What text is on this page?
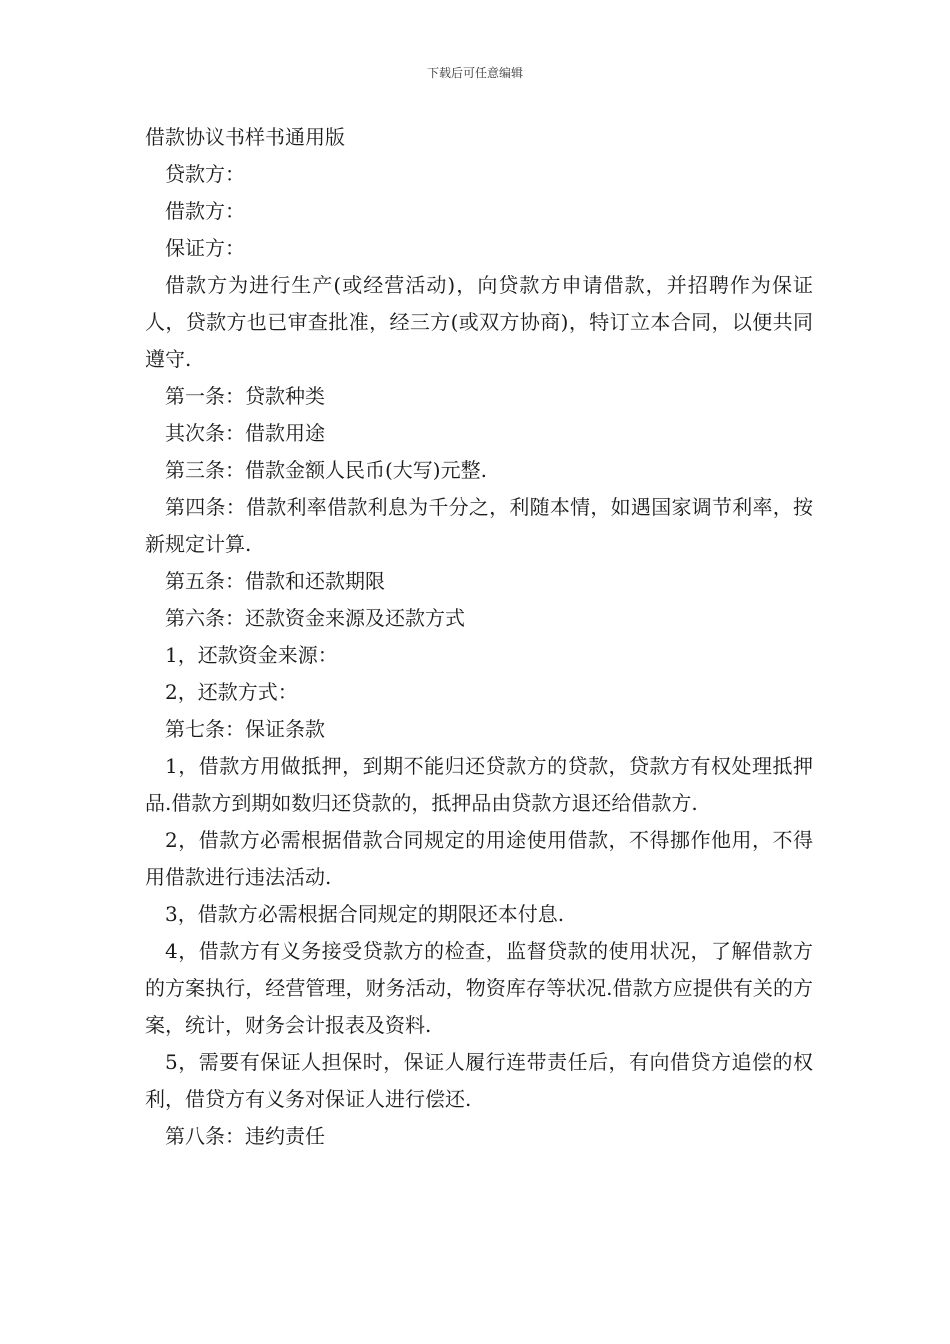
下载后可任意编辑
借款协议书样书通用版
贷款方：
借款方：
保证方：
借款方为进行生产(或经营活动)，向贷款方申请借款，并招聘作为保证人，贷款方也已审查批准，经三方(或双方协商)，特订立本合同，以便共同遵守.
第一条：贷款种类
其次条：借款用途
第三条：借款金额人民币(大写)元整.
第四条：借款利率借款利息为千分之，利随本情，如遇国家调节利率，按新规定计算.
第五条：借款和还款期限
第六条：还款资金来源及还款方式
1，还款资金来源：
2，还款方式：
第七条：保证条款
1，借款方用做抵押，到期不能归还贷款方的贷款，贷款方有权处理抵押品.借款方到期如数归还贷款的，抵押品由贷款方退还给借款方.
2，借款方必需根据借款合同规定的用途使用借款，不得挪作他用，不得用借款进行违法活动.
3，借款方必需根据合同规定的期限还本付息.
4，借款方有义务接受贷款方的检查，监督贷款的使用状况，了解借款方的方案执行，经营管理，财务活动，物资库存等状况.借款方应提供有关的方案，统计，财务会计报表及资料.
5，需要有保证人担保时，保证人履行连带责任后，有向借贷方追偿的权利，借贷方有义务对保证人进行偿还.
第八条：违约责任
